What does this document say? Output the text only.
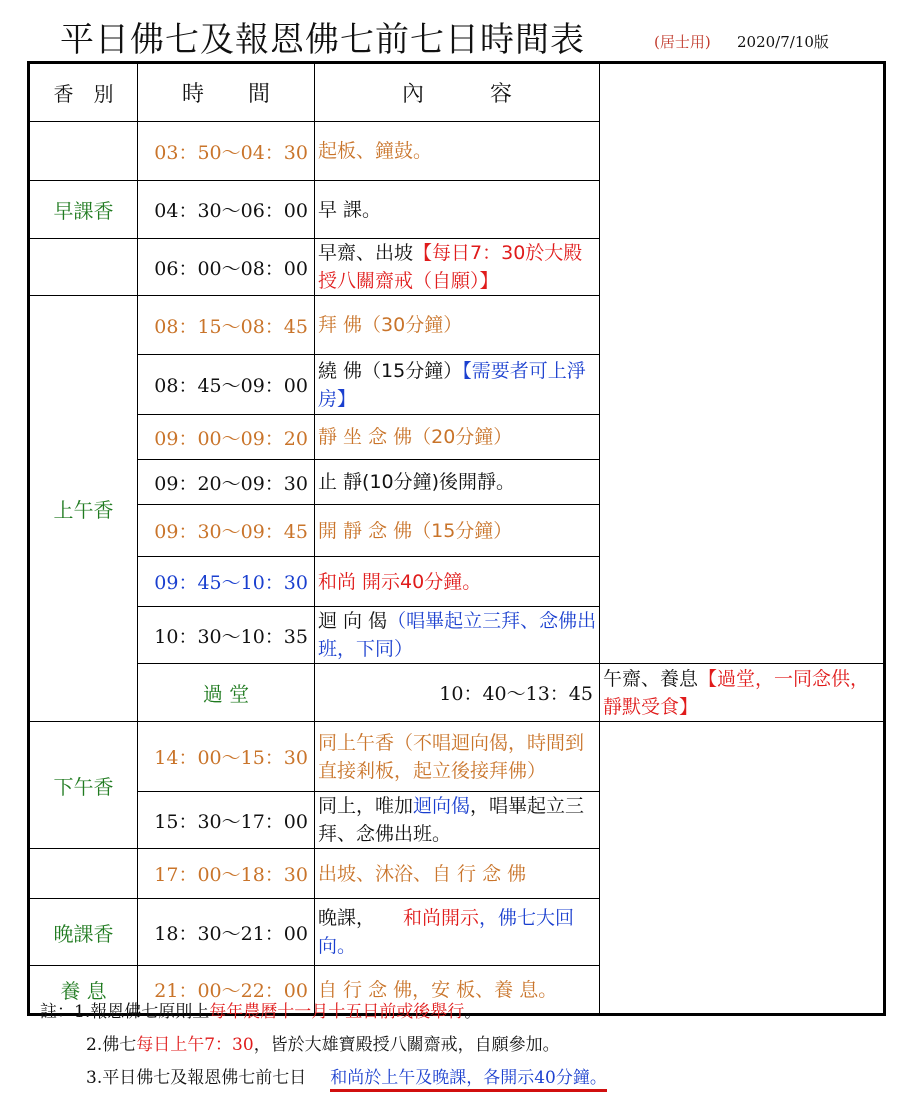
平日佛七及報恩佛七前七日時間表	(居士用) 2020/7/10版
香　別	時　　間	內　　　容	
	03：50～04：30	起板、鐘鼓。	
早課香	04：30～06：00	早 課。	
	06：00～08：00	早齋、出坡【每日7：30於大殿授八關齋戒（自願）】	
上午香	08：15～08：45	拜 佛（30分鐘）	
	08：45～09：00	繞 佛（15分鐘）【需要者可上淨房】	
	09：00～09：20	靜 坐 念 佛（20分鐘）	
	09：20～09：30	止 靜(10分鐘)後開靜。	
	09：30～09：45	開 靜 念 佛（15分鐘）	
	09：45～10：30	和尚 開示40分鐘。	
	10：30～10：35	迴 向 偈（唱畢起立三拜、念佛出班，下同）	
	過 堂	10：40～13：45	午齋、養息【過堂，一同念供，靜默受食】
下午香	14：00～15：30	同上午香（不唱迴向偈，時間到直接剎板，起立後接拜佛）	
	15：30～17：00	同上，唯加迴向偈，唱畢起立三拜、念佛出班。	
	17：00～18：30	出坡、沐浴、自 行 念 佛	
晚課香	18：30～21：00	晚課， 和尚開示，佛七大回向。	
養 息	21：00～22：00	自 行 念 佛，安 板、養 息。	
註：1.報恩佛七原則上每年農曆十一月十五日前或後舉行。
2.佛七每日上午7：30，皆於大雄寶殿授八關齋戒，自願參加。
3.平日佛七及報恩佛七前七日 和尚於上午及晚課，各開示40分鐘。
